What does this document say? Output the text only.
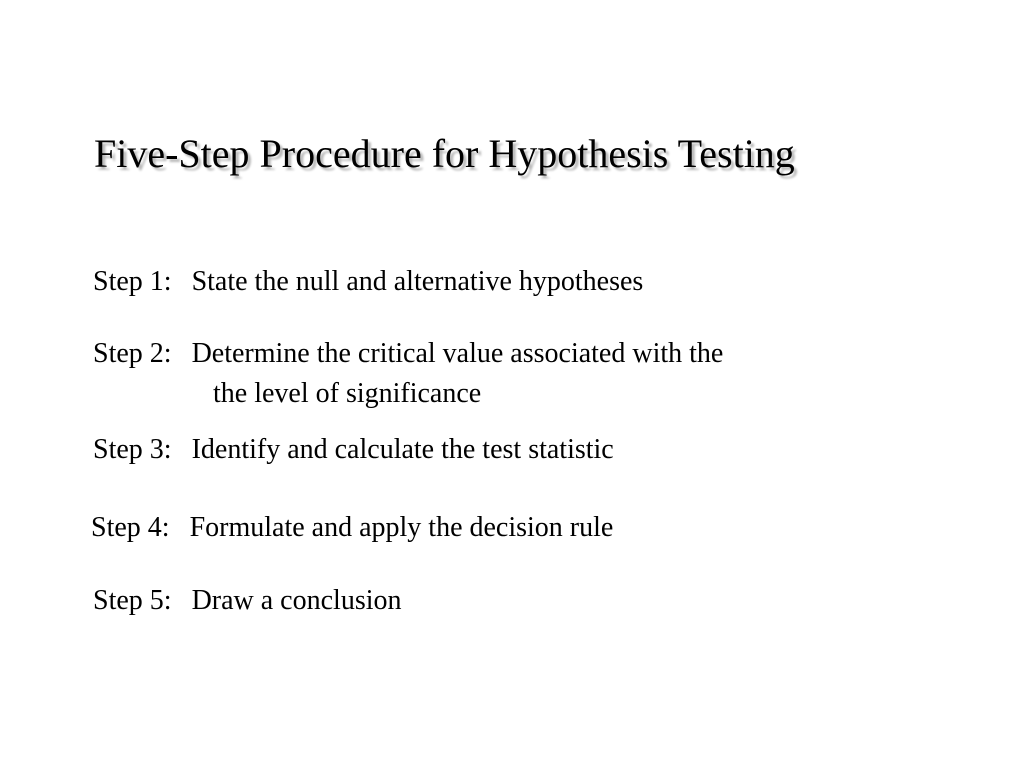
Five-Step Procedure for Hypothesis Testing

Step 1: State the null and alternative hypotheses

Step 2: Determine the critical value associated with the

the level of significance

Step 3: Identify and calculate the test statistic

Step 4: Formulate and apply the decision rule

Step 5: Draw a conclusion
